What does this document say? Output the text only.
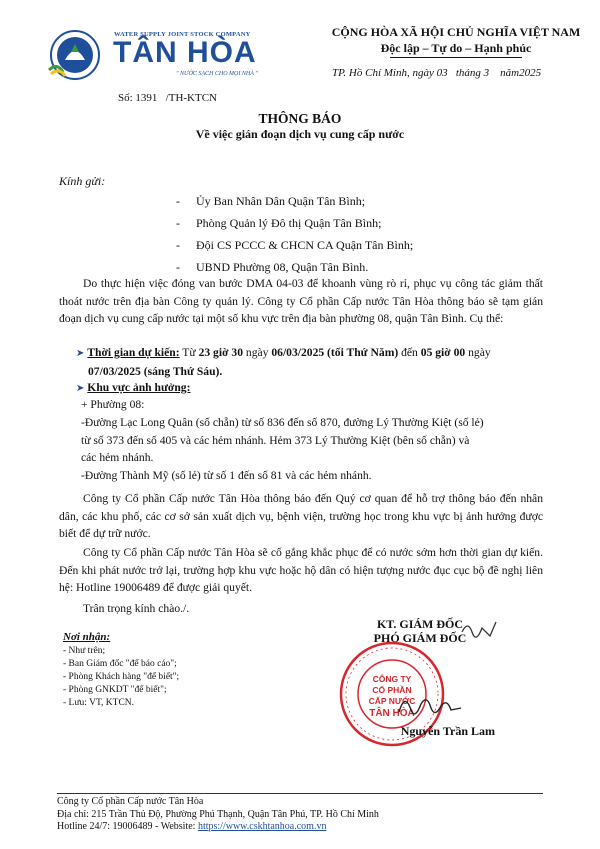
WATER SUPPLY JOINT STOCK COMPANY
TÂN HÒA
" NƯỚC SẠCH CHO MỌI NHÀ "
CỘNG HÒA XÃ HỘI CHỦ NGHĨA VIỆT NAM
Độc lập – Tự do – Hạnh phúc
TP. Hồ Chí Minh, ngày 03   tháng 3    năm2025
Số: 1391   /TH-KTCN
THÔNG BÁO
Về việc gián đoạn dịch vụ cung cấp nước
Kính gửi:
- Ủy Ban Nhân Dân Quận Tân Bình;
- Phòng Quản lý Đô thị Quận Tân Bình;
- Đội CS PCCC & CHCN CA Quận Tân Bình;
- UBND Phường 08, Quận Tân Bình.
Do thực hiện việc đóng van bước DMA 04-03 để khoanh vùng rò rỉ, phục vụ công tác giảm thất thoát nước trên địa bàn Công ty quản lý. Công ty Cổ phần Cấp nước Tân Hòa thông báo sẽ tạm gián đoạn dịch vụ cung cấp nước tại một số khu vực trên địa bàn phường 08, quận Tân Bình. Cụ thể:
➤ Thời gian dự kiến: Từ 23 giờ 30 ngày 06/03/2025 (tối Thứ Năm) đến 05 giờ 00 ngày
07/03/2025 (sáng Thứ Sáu).
➤ Khu vực ảnh hưởng:
+ Phường 08:
-Đường Lạc Long Quân (số chẵn) từ số 836 đến số 870, đường Lý Thường Kiệt (số lẻ)
từ số 373 đến số 405 và các hẻm nhánh. Hẻm 373 Lý Thường Kiệt (bên số chẵn) và
các hẻm nhánh.
-Đường Thành Mỹ (số lẻ) từ số 1 đến số 81 và các hẻm nhánh.
Công ty Cổ phần Cấp nước Tân Hòa thông báo đến Quý cơ quan để hỗ trợ thông báo đến nhân dân, các khu phố, các cơ sở sản xuất dịch vụ, bệnh viện, trường học trong khu vực bị ảnh hưởng được biết để dự trữ nước.
Công ty Cổ phần Cấp nước Tân Hòa sẽ cố gắng khắc phục để có nước sớm hơn thời gian dự kiến. Đến khi phát nước trở lại, trường hợp khu vực hoặc hộ dân có hiện tượng nước đục cục bộ đề nghị liên hệ: Hotline 19006489 để được giải quyết.
Trân trọng kính chào./.
Nơi nhận:
- Như trên;
- Ban Giám đốc "để báo cáo";
- Phòng Khách hàng "để biết";
- Phòng GNKDT "để biết";
- Lưu: VT, KTCN.
KT. GIÁM ĐỐC
PHÓ GIÁM ĐỐC
CÔNG TY
CỔ PHẦN
CẤP NƯỚC
TÂN HÒA
Nguyễn Trần Lam
Công ty Cổ phần Cấp nước Tân Hòa
Địa chỉ: 215 Trần Thủ Độ, Phường Phú Thạnh, Quận Tân Phú, TP. Hồ Chí Minh
Hotline 24/7: 19006489 - Website: https://www.cskhtanhoa.com.vn
